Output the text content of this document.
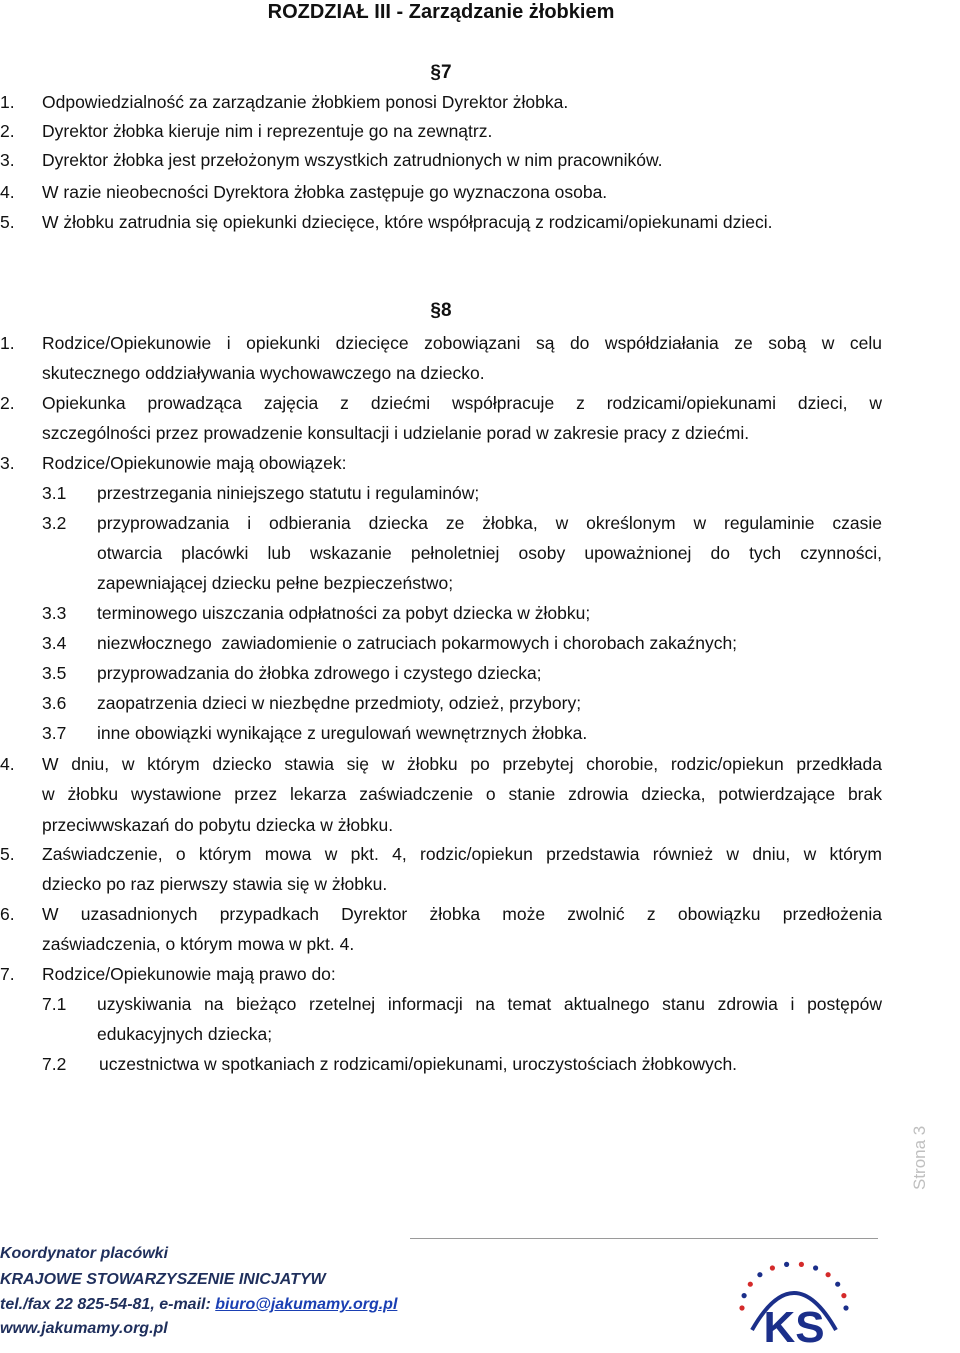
ROZDZIAŁ III - Zarządzanie żłobkiem
§7
1. Odpowiedzialność za zarządzanie żłobkiem ponosi Dyrektor żłobka.
2. Dyrektor żłobka kieruje nim i reprezentuje go na zewnątrz.
3. Dyrektor żłobka jest przełożonym wszystkich zatrudnionych w nim pracowników.
4. W razie nieobecności Dyrektora żłobka zastępuje go wyznaczona osoba.
5. W żłobku zatrudnia się opiekunki dziecięce, które współpracują z rodzicami/opiekunami dzieci.
§8
1. Rodzice/Opiekunowie i opiekunki dziecięce zobowiązani są do współdziałania ze sobą w celu
skutecznego oddziaływania wychowawczego na dziecko.
2. Opiekunka prowadząca zajęcia z dziećmi współpracuje z rodzicami/opiekunami dzieci, w
szczególności przez prowadzenie konsultacji i udzielanie porad w zakresie pracy z dziećmi.
3. Rodzice/Opiekunowie mają obowiązek:
3.1 przestrzegania niniejszego statutu i regulaminów;
3.2 przyprowadzania i odbierania dziecka ze żłobka, w określonym w regulaminie czasie
otwarcia placówki lub wskazanie pełnoletniej osoby upoważnionej do tych czynności,
zapewniającej dziecku pełne bezpieczeństwo;
3.3 terminowego uiszczania odpłatności za pobyt dziecka w żłobku;
3.4 niezwłocznego  zawiadomienie o zatruciach pokarmowych i chorobach zakaźnych;
3.5 przyprowadzania do żłobka zdrowego i czystego dziecka;
3.6 zaopatrzenia dzieci w niezbędne przedmioty, odzież, przybory;
3.7 inne obowiązki wynikające z uregulowań wewnętrznych żłobka.
4. W dniu, w którym dziecko stawia się w żłobku po przebytej chorobie, rodzic/opiekun przedkłada
w żłobku wystawione przez lekarza zaświadczenie o stanie zdrowia dziecka, potwierdzające brak
przeciwwskazań do pobytu dziecka w żłobku.
5. Zaświadczenie, o którym mowa w pkt. 4, rodzic/opiekun przedstawia również w dniu, w którym
dziecko po raz pierwszy stawia się w żłobku.
6. W uzasadnionych przypadkach Dyrektor żłobka może zwolnić z obowiązku przedłożenia
zaświadczenia, o którym mowa w pkt. 4.
7. Rodzice/Opiekunowie mają prawo do:
7.1 uzyskiwania na bieżąco rzetelnej informacji na temat aktualnego stanu zdrowia i postępów
edukacyjnych dziecka;
7.2 uczestnictwa w spotkaniach z rodzicami/opiekunami, uroczystościach żłobkowych.
Strona 3
Koordynator placówki
KRAJOWE STOWARZYSZENIE INICJATYW
tel./fax 22 825-54-81, e-mail: biuro@jakumamy.org.pl
www.jakumamy.org.pl	KS
